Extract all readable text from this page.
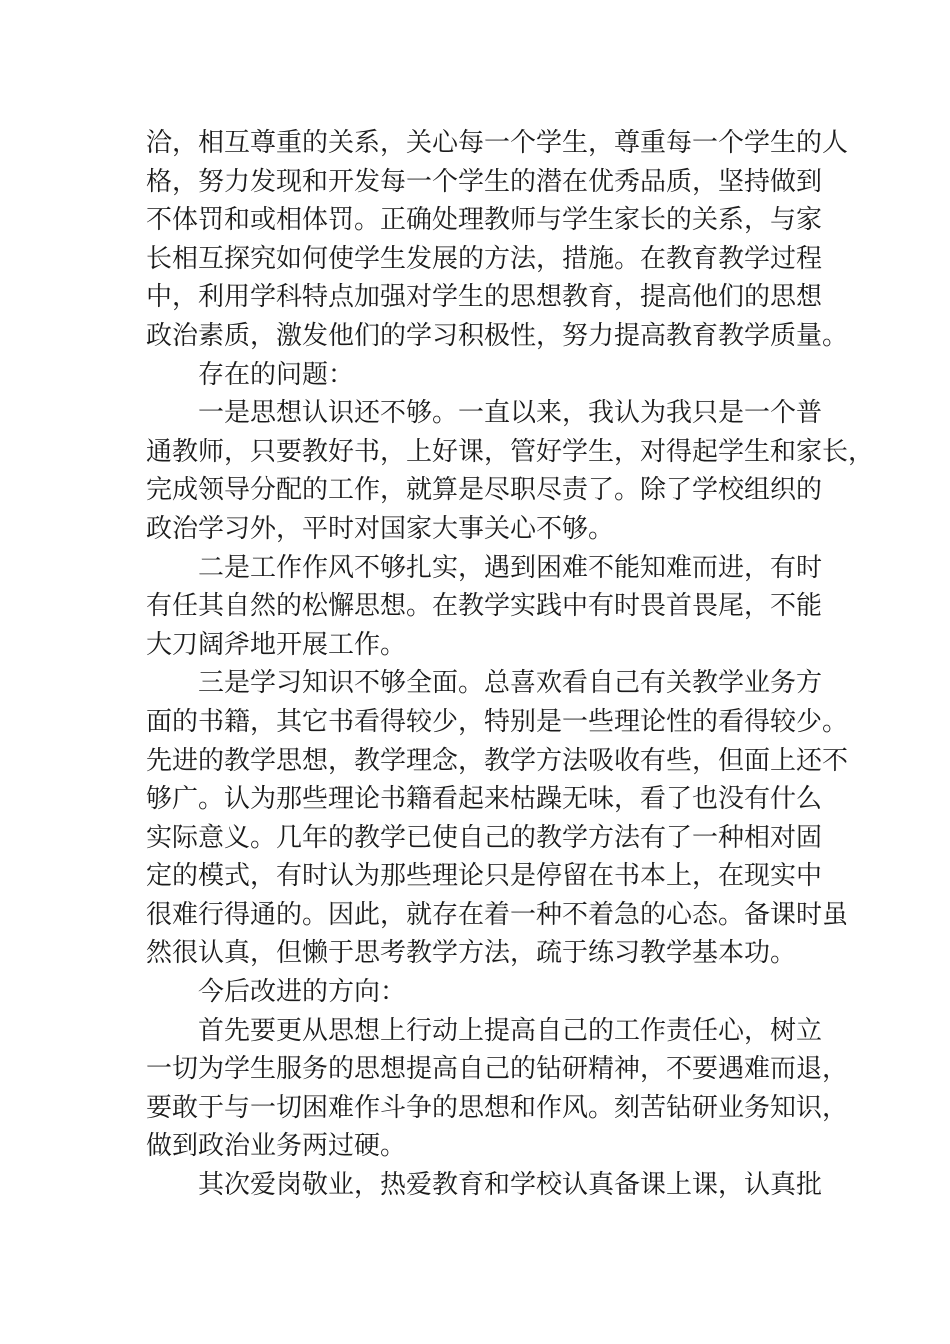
洽，相互尊重的关系，关心每一个学生，尊重每一个学生的人
格，努力发现和开发每一个学生的潜在优秀品质，坚持做到
不体罚和或相体罚。正确处理教师与学生家长的关系，与家
长相互探究如何使学生发展的方法，措施。在教育教学过程
中，利用学科特点加强对学生的思想教育，提高他们的思想
政治素质，激发他们的学习积极性，努力提高教育教学质量。
存在的问题：
一是思想认识还不够。一直以来，我认为我只是一个普
通教师，只要教好书，上好课，管好学生，对得起学生和家长，
完成领导分配的工作，就算是尽职尽责了。除了学校组织的
政治学习外，平时对国家大事关心不够。
二是工作作风不够扎实，遇到困难不能知难而进，有时
有任其自然的松懈思想。在教学实践中有时畏首畏尾，不能
大刀阔斧地开展工作。
三是学习知识不够全面。总喜欢看自己有关教学业务方
面的书籍，其它书看得较少，特别是一些理论性的看得较少。
先进的教学思想，教学理念，教学方法吸收有些，但面上还不
够广。认为那些理论书籍看起来枯躁无味，看了也没有什么
实际意义。几年的教学已使自己的教学方法有了一种相对固
定的模式，有时认为那些理论只是停留在书本上，在现实中
很难行得通的。因此，就存在着一种不着急的心态。备课时虽
然很认真，但懒于思考教学方法，疏于练习教学基本功。
今后改进的方向：
首先要更从思想上行动上提高自己的工作责任心，树立
一切为学生服务的思想提高自己的钻研精神，不要遇难而退，
要敢于与一切困难作斗争的思想和作风。刻苦钻研业务知识，
做到政治业务两过硬。
其次爱岗敬业，热爱教育和学校认真备课上课，认真批
